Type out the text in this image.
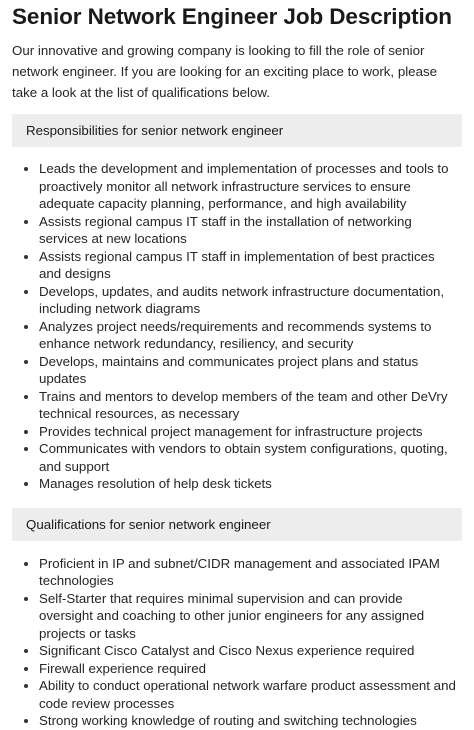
Senior Network Engineer Job Description

Our innovative and growing company is looking to fill the role of senior network engineer. If you are looking for an exciting place to work, please take a look at the list of qualifications below.

Responsibilities for senior network engineer
Leads the development and implementation of processes and tools to proactively monitor all network infrastructure services to ensure adequate capacity planning, performance, and high availability
Assists regional campus IT staff in the installation of networking services at new locations
Assists regional campus IT staff in implementation of best practices and designs
Develops, updates, and audits network infrastructure documentation, including network diagrams
Analyzes project needs/requirements and recommends systems to enhance network redundancy, resiliency, and security
Develops, maintains and communicates project plans and status updates
Trains and mentors to develop members of the team and other DeVry technical resources, as necessary
Provides technical project management for infrastructure projects
Communicates with vendors to obtain system configurations, quoting, and support
Manages resolution of help desk tickets
Qualifications for senior network engineer
Proficient in IP and subnet/CIDR management and associated IPAM technologies
Self-Starter that requires minimal supervision and can provide oversight and coaching to other junior engineers for any assigned projects or tasks
Significant Cisco Catalyst and Cisco Nexus experience required
Firewall experience required
Ability to conduct operational network warfare product assessment and code review processes
Strong working knowledge of routing and switching technologies
